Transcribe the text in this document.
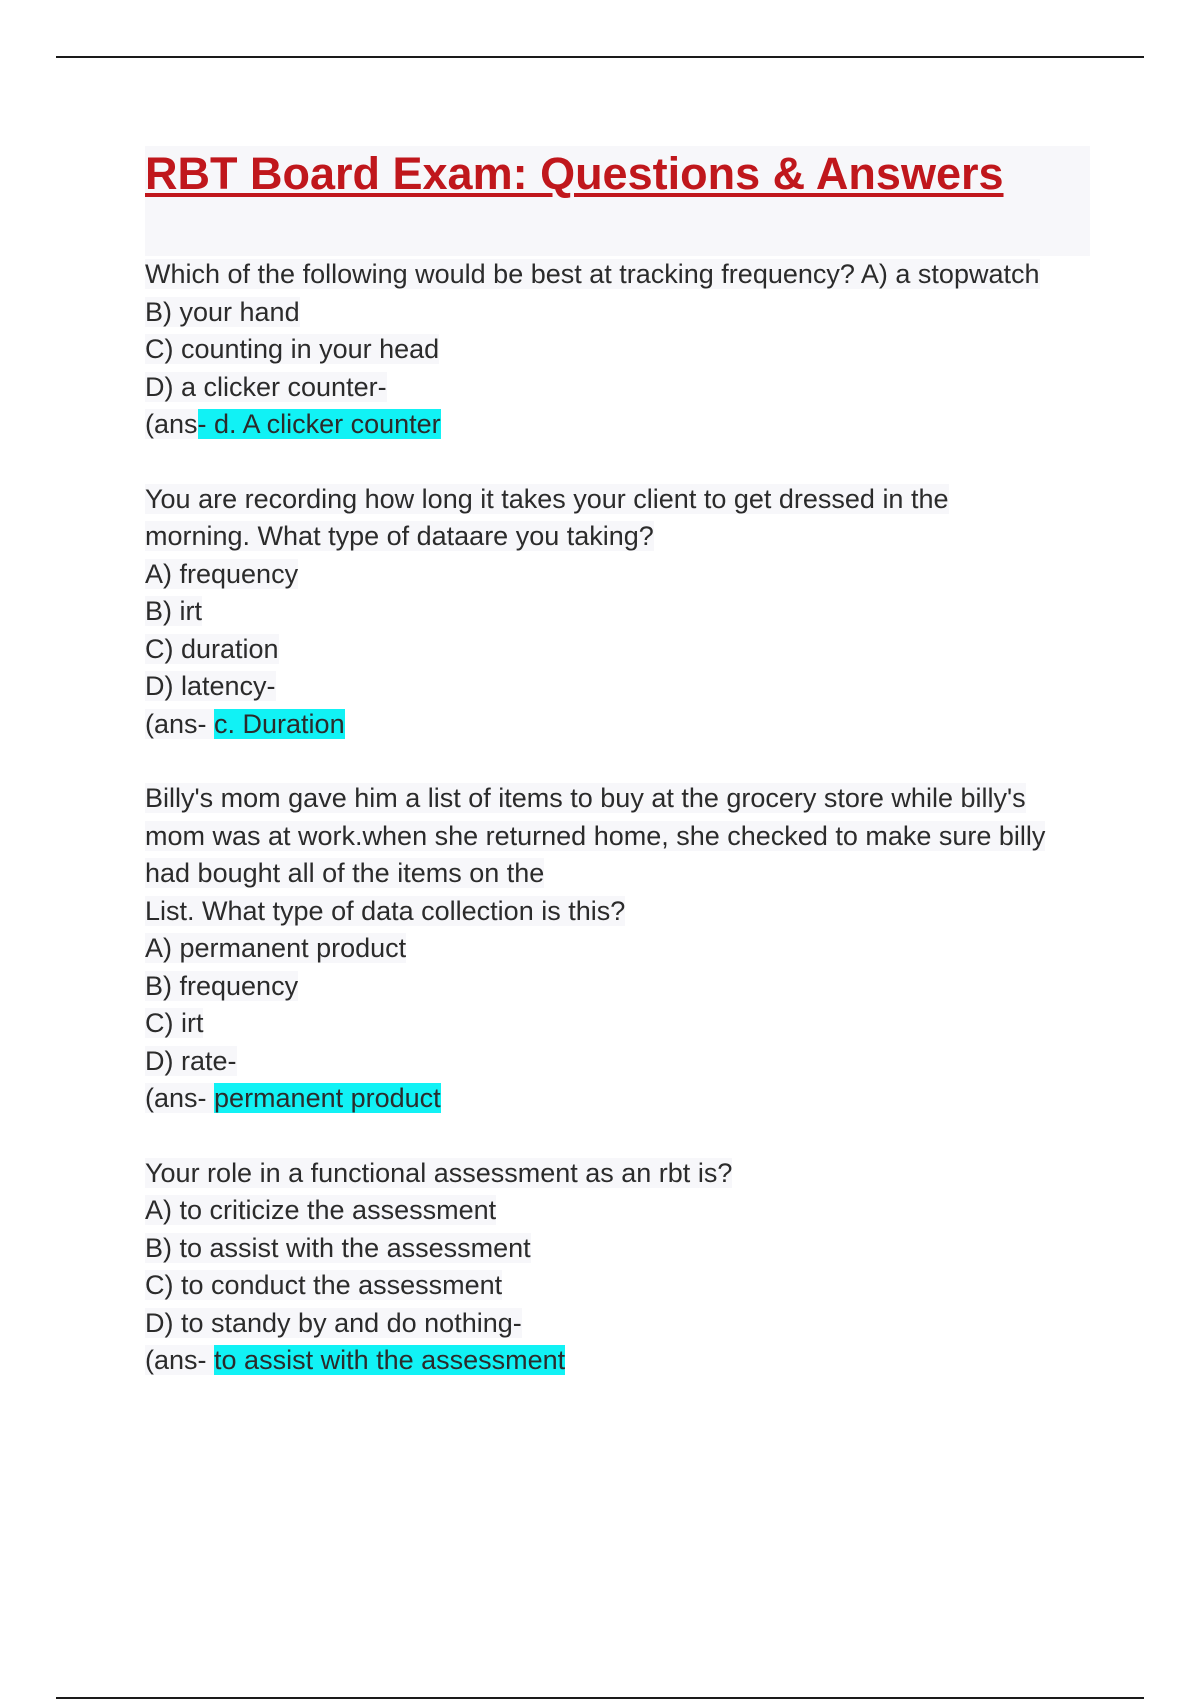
RBT Board Exam: Questions & Answers
Which of the following would be best at tracking frequency? A) a stopwatch
B) your hand
C) counting in your head
D) a clicker counter-
(ans- d. A clicker counter
You are recording how long it takes your client to get dressed in the
morning. What type of dataare you taking?
A) frequency
B) irt
C) duration
D) latency-
(ans- c. Duration
Billy's mom gave him a list of items to buy at the grocery store while billy's
mom was at work.when she returned home, she checked to make sure billy
had bought all of the items on the
List. What type of data collection is this?
A) permanent product
B) frequency
C) irt
D) rate-
(ans- permanent product
Your role in a functional assessment as an rbt is?
A) to criticize the assessment
B) to assist with the assessment
C) to conduct the assessment
D) to standy by and do nothing-
(ans- to assist with the assessment
